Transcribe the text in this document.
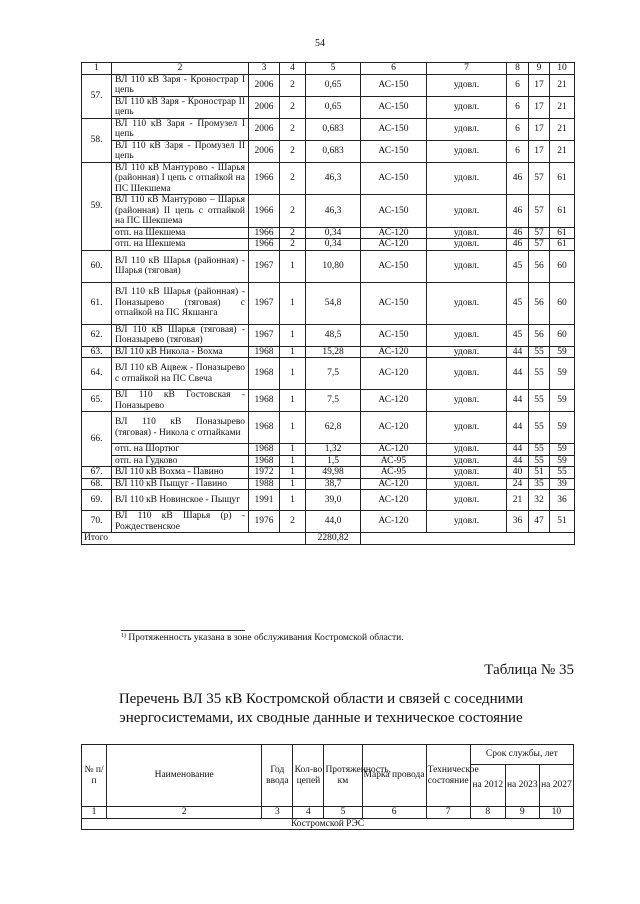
54
1	2	3	4	5	6	7	8	9	10
57.	ВЛ 110 кВ Заря - Кронострар I цепь	2006	2	0,65	АС-150	удовл.	6	17	21
	ВЛ 110 кВ Заря - Кронострар II цепь	2006	2	0,65	АС-150	удовл.	6	17	21
58.	ВЛ 110 кВ Заря - Промузел I цепь	2006	2	0,683	АС-150	удовл.	6	17	21
	ВЛ 110 кВ Заря - Промузел II цепь	2006	2	0,683	АС-150	удовл.	6	17	21
59.	ВЛ 110 кВ Мантурово - Шарья (районная) I цепь с отпайкой на ПС Шекшема	1966	2	46,3	АС-150	удовл.	46	57	61
	ВЛ 110 кВ Мантурово – Шарья (районная) II цепь с отпайкой на ПС Шекшема	1966	2	46,3	АС-150	удовл.	46	57	61
	отп. на Шекшема	1966	2	0,34	АС-120	удовл.	46	57	61
	отп. на Шекшема	1966	2	0,34	АС-120	удовл.	46	57	61
60.	ВЛ 110 кВ Шарья (районная) - Шарья (тяговая)	1967	1	10,80	АС-150	удовл.	45	56	60
61.	ВЛ 110 кВ Шарья (районная) - Поназырево (тяговая) с отпайкой на ПС Якшанга	1967	1	54,8	АС-150	удовл.	45	56	60
62.	ВЛ 110 кВ Шарья (тяговая) - Поназырево (тяговая)	1967	1	48,5	АС-150	удовл.	45	56	60
63.	ВЛ 110 кВ Никола - Вохма	1968	1	15,28	АС-120	удовл.	44	55	59
64.	ВЛ 110 кВ Ацвеж - Поназырево с отпайкой на ПС Свеча	1968	1	7,5	АС-120	удовл.	44	55	59
65.	ВЛ 110 кВ Гостовская - Поназырево	1968	1	7,5	АС-120	удовл.	44	55	59
66.	ВЛ 110 кВ Поназырево (тяговая) - Никола с отпайками	1968	1	62,8	АС-120	удовл.	44	55	59
	отп. на Шортюг	1968	1	1,32	АС-120	удовл.	44	55	59
	отп. на Гудково	1968	1	1,5	АС-95	удовл.	44	55	59
67.	ВЛ 110 кВ Вохма - Павино	1972	1	49,98	АС-95	удовл.	40	51	55
68.	ВЛ 110 кВ Пыщуг - Павино	1988	1	38,7	АС-120	удовл.	24	35	39
69.	ВЛ 110 кВ Новинское - Пыщуг	1991	1	39,0	АС-120	удовл.	21	32	36
70.	ВЛ 110 кВ Шарья (р) - Рождественское	1976	2	44,0	АС-120	удовл.	36	47	51
Итого				2280,82					
$^{1)}$ Протяженность указана в зоне обслуживания Костромской области.
Таблица № 35
Перечень ВЛ 35 кВ Костромской области и связей с соседними энергосистемами, их сводные данные и техническое состояние
№ п/п	Наименование	Год ввода	Кол-во цепей	Протяженность, км	Марка провода	Техническое состояние	Срок службы, лет		
							на 2012	на 2023	на 2027
1	2	3	4	5	6	7	8	9	10
Костромской РЭС									
